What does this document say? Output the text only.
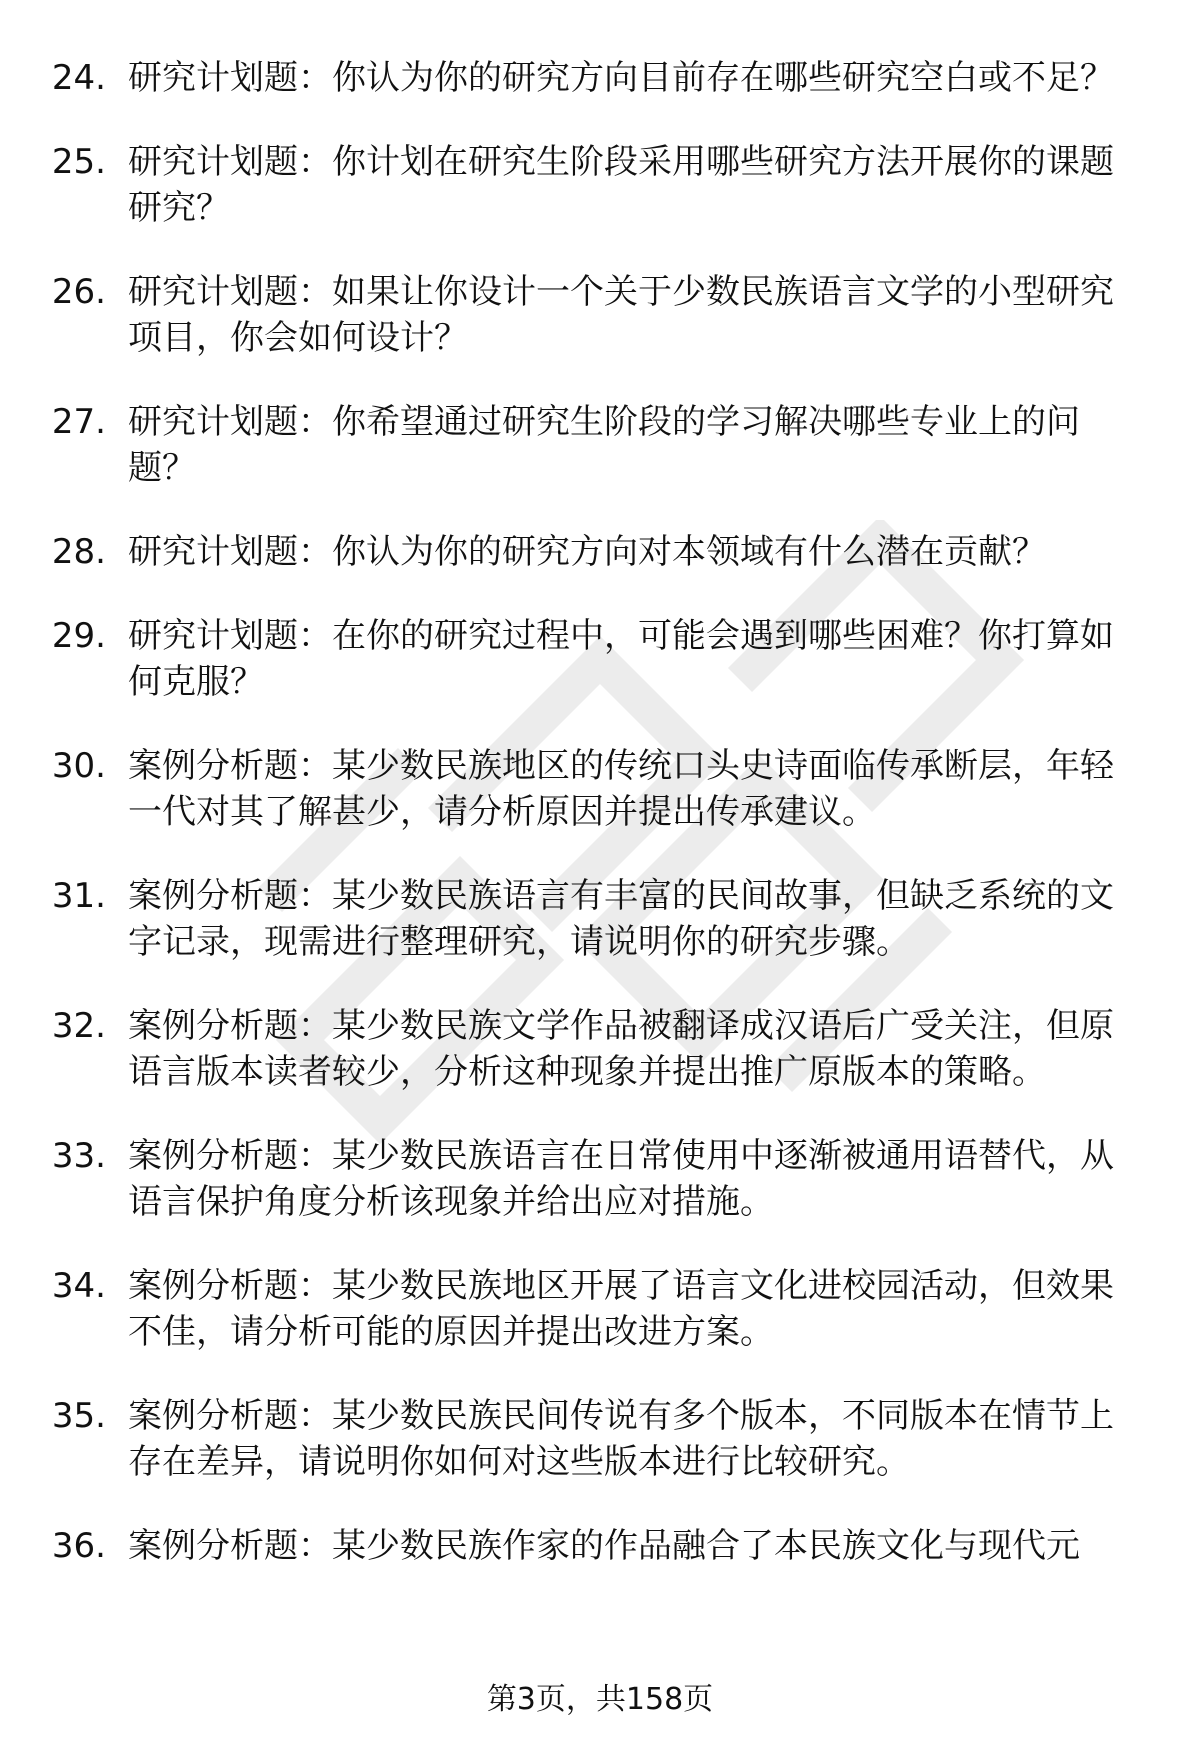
24. 研究计划题：你认为你的研究方向目前存在哪些研究空白或不足？
25. 研究计划题：你计划在研究生阶段采用哪些研究方法开展你的课题研究？
26. 研究计划题：如果让你设计一个关于少数民族语言文学的小型研究项目，你会如何设计？
27. 研究计划题：你希望通过研究生阶段的学习解决哪些专业上的问题？
28. 研究计划题：你认为你的研究方向对本领域有什么潜在贡献？
29. 研究计划题：在你的研究过程中，可能会遇到哪些困难？你打算如何克服？
30. 案例分析题：某少数民族地区的传统口头史诗面临传承断层，年轻一代对其了解甚少，请分析原因并提出传承建议。
31. 案例分析题：某少数民族语言有丰富的民间故事，但缺乏系统的文字记录，现需进行整理研究，请说明你的研究步骤。
32. 案例分析题：某少数民族文学作品被翻译成汉语后广受关注，但原语言版本读者较少，分析这种现象并提出推广原版本的策略。
33. 案例分析题：某少数民族语言在日常使用中逐渐被通用语替代，从语言保护角度分析该现象并给出应对措施。
34. 案例分析题：某少数民族地区开展了语言文化进校园活动，但效果不佳，请分析可能的原因并提出改进方案。
35. 案例分析题：某少数民族民间传说有多个版本，不同版本在情节上存在差异，请说明你如何对这些版本进行比较研究。
36. 案例分析题：某少数民族作家的作品融合了本民族文化与现代元
第3页，共158页
